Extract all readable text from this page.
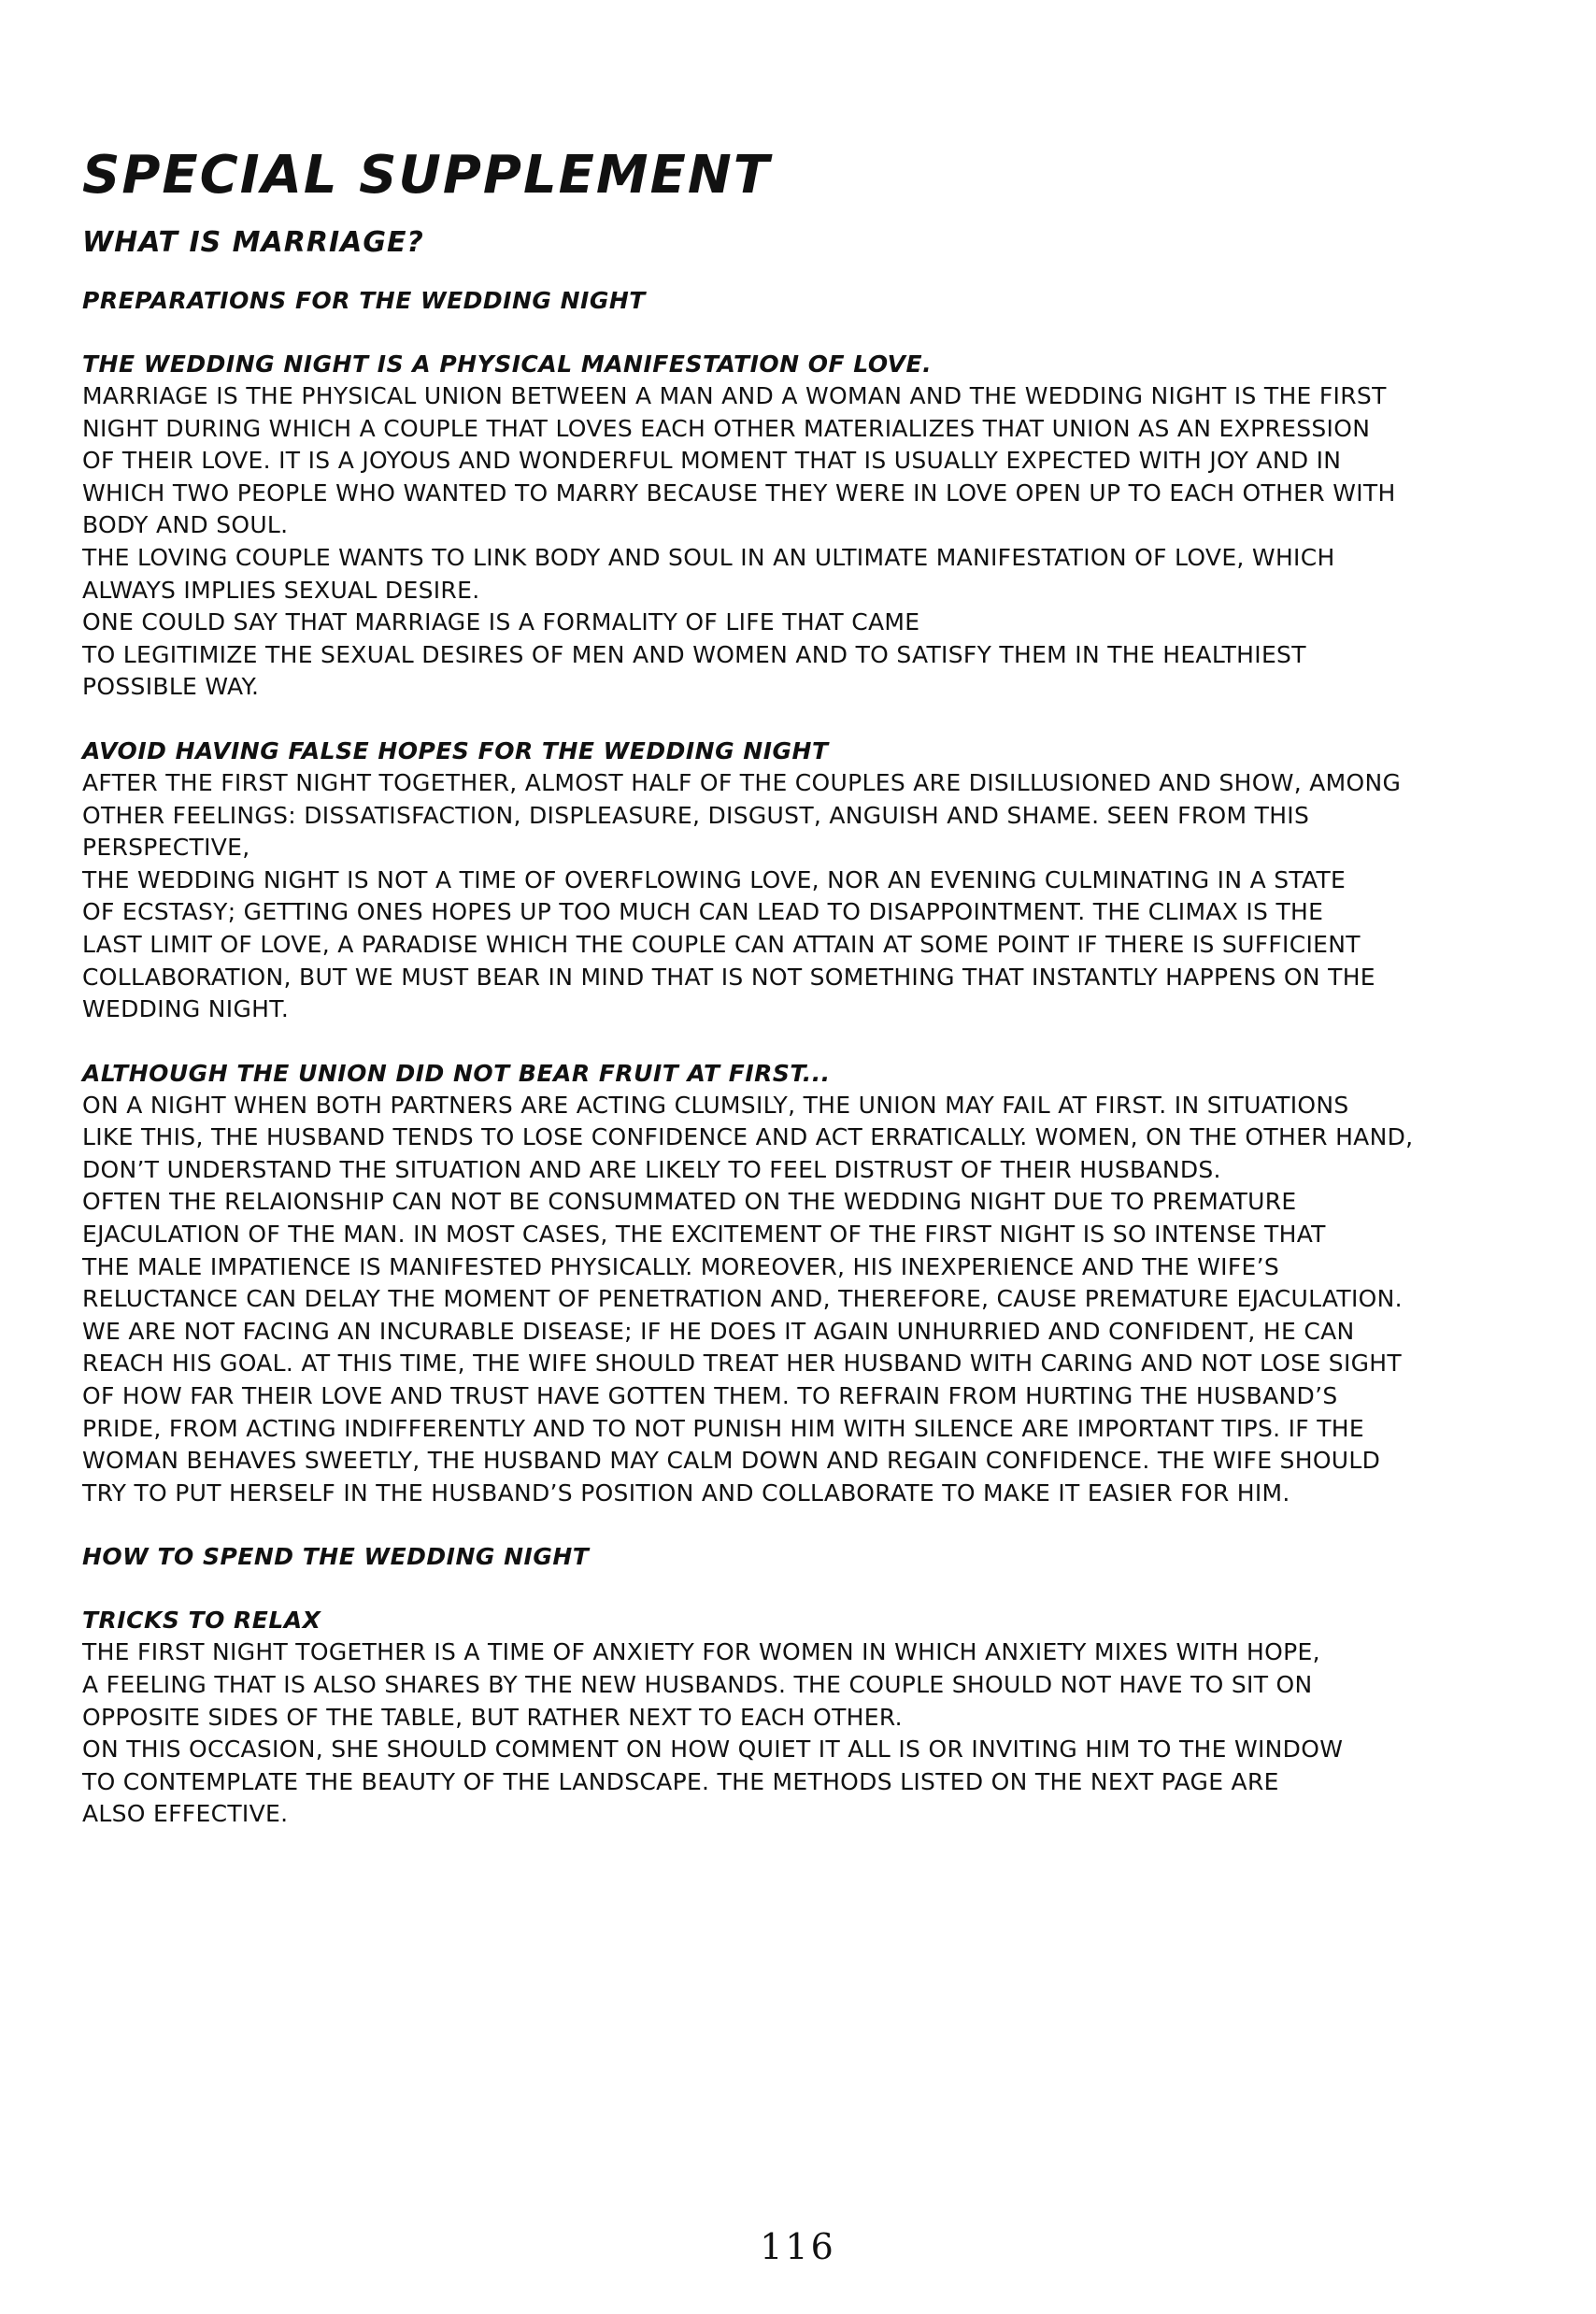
SPECIAL SUPPLEMENT
WHAT IS MARRIAGE?
PREPARATIONS FOR THE WEDDING NIGHT
THE WEDDING NIGHT IS A PHYSICAL MANIFESTATION OF LOVE.

MARRIAGE IS THE PHYSICAL UNION BETWEEN A MAN AND A WOMAN AND THE WEDDING NIGHT IS THE FIRST
NIGHT DURING WHICH A COUPLE THAT LOVES EACH OTHER MATERIALIZES THAT UNION AS AN EXPRESSION
OF THEIR LOVE. IT IS A JOYOUS AND WONDERFUL MOMENT THAT IS USUALLY EXPECTED WITH JOY AND IN
WHICH TWO PEOPLE WHO WANTED TO MARRY BECAUSE THEY WERE IN LOVE OPEN UP TO EACH OTHER WITH
BODY AND SOUL.
THE LOVING COUPLE WANTS TO LINK BODY AND SOUL IN AN ULTIMATE MANIFESTATION OF LOVE, WHICH
ALWAYS IMPLIES SEXUAL DESIRE.
ONE COULD SAY THAT MARRIAGE IS A FORMALITY OF LIFE THAT CAME
TO LEGITIMIZE THE SEXUAL DESIRES OF MEN AND WOMEN AND TO SATISFY THEM IN THE HEALTHIEST
POSSIBLE WAY.

AVOID HAVING FALSE HOPES FOR THE WEDDING NIGHT

AFTER THE FIRST NIGHT TOGETHER, ALMOST HALF OF THE COUPLES ARE DISILLUSIONED AND SHOW, AMONG
OTHER FEELINGS: DISSATISFACTION, DISPLEASURE, DISGUST, ANGUISH AND SHAME. SEEN FROM THIS
PERSPECTIVE,
THE WEDDING NIGHT IS NOT A TIME OF OVERFLOWING LOVE, NOR AN EVENING CULMINATING IN A STATE
OF ECSTASY; GETTING ONES HOPES UP TOO MUCH CAN LEAD TO DISAPPOINTMENT. THE CLIMAX IS THE
LAST LIMIT OF LOVE, A PARADISE WHICH THE COUPLE CAN ATTAIN AT SOME POINT IF THERE IS SUFFICIENT
COLLABORATION, BUT WE MUST BEAR IN MIND THAT IS NOT SOMETHING THAT INSTANTLY HAPPENS ON THE
WEDDING NIGHT.

ALTHOUGH THE UNION DID NOT BEAR FRUIT AT FIRST...

ON A NIGHT WHEN BOTH PARTNERS ARE ACTING CLUMSILY, THE UNION MAY FAIL AT FIRST. IN SITUATIONS
LIKE THIS, THE HUSBAND TENDS TO LOSE CONFIDENCE AND ACT ERRATICALLY. WOMEN, ON THE OTHER HAND,
DON’T UNDERSTAND THE SITUATION AND ARE LIKELY TO FEEL DISTRUST OF THEIR HUSBANDS.
OFTEN THE RELAIONSHIP CAN NOT BE CONSUMMATED ON THE WEDDING NIGHT DUE TO PREMATURE
EJACULATION OF THE MAN. IN MOST CASES, THE EXCITEMENT OF THE FIRST NIGHT IS SO INTENSE THAT
THE MALE IMPATIENCE IS MANIFESTED PHYSICALLY. MOREOVER, HIS INEXPERIENCE AND THE WIFE’S
RELUCTANCE CAN DELAY THE MOMENT OF PENETRATION AND, THEREFORE, CAUSE PREMATURE EJACULATION.
WE ARE NOT FACING AN INCURABLE DISEASE; IF HE DOES IT AGAIN UNHURRIED AND CONFIDENT, HE CAN
REACH HIS GOAL. AT THIS TIME, THE WIFE SHOULD TREAT HER HUSBAND WITH CARING AND NOT LOSE SIGHT
OF HOW FAR THEIR LOVE AND TRUST HAVE GOTTEN THEM. TO REFRAIN FROM HURTING THE HUSBAND’S
PRIDE, FROM ACTING INDIFFERENTLY AND TO NOT PUNISH HIM WITH SILENCE ARE IMPORTANT TIPS. IF THE
WOMAN BEHAVES SWEETLY, THE HUSBAND MAY CALM DOWN AND REGAIN CONFIDENCE. THE WIFE SHOULD
TRY TO PUT HERSELF IN THE HUSBAND’S POSITION AND COLLABORATE TO MAKE IT EASIER FOR HIM.

HOW TO SPEND THE WEDDING NIGHT
TRICKS TO RELAX

THE FIRST NIGHT TOGETHER IS A TIME OF ANXIETY FOR WOMEN IN WHICH ANXIETY MIXES WITH HOPE,
A FEELING THAT IS ALSO SHARES BY THE NEW HUSBANDS. THE COUPLE SHOULD NOT HAVE TO SIT ON
OPPOSITE SIDES OF THE TABLE, BUT RATHER NEXT TO EACH OTHER.
ON THIS OCCASION, SHE SHOULD COMMENT ON HOW QUIET IT ALL IS OR INVITING HIM TO THE WINDOW
TO CONTEMPLATE THE BEAUTY OF THE LANDSCAPE. THE METHODS LISTED ON THE NEXT PAGE ARE
ALSO EFFECTIVE.

116
